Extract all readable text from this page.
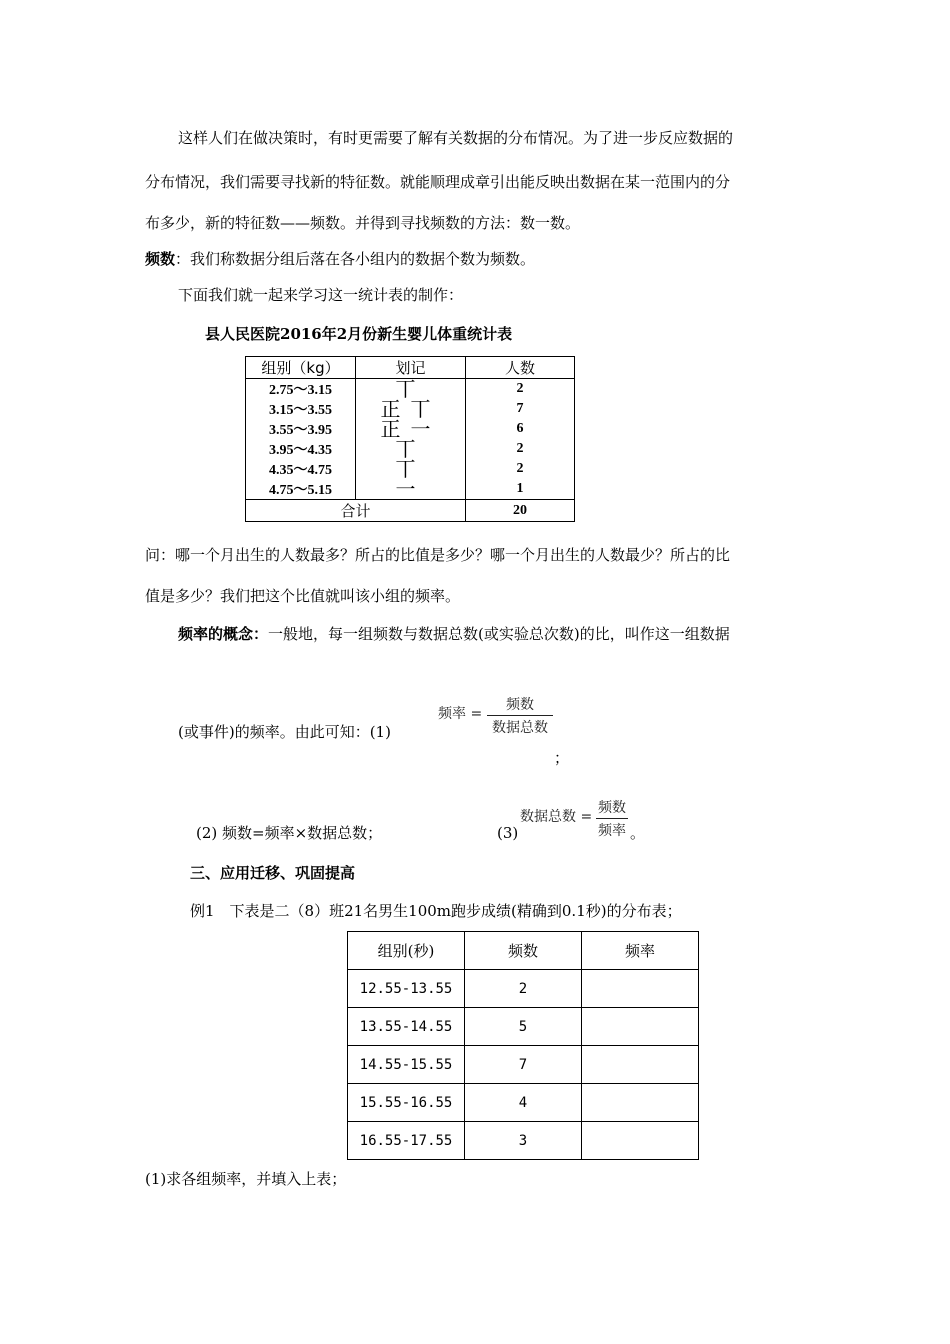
这样人们在做决策时，有时更需要了解有关数据的分布情况。为了进一步反应数据的
分布情况，我们需要寻找新的特征数。就能顺理成章引出能反映出数据在某一范围内的分
布多少，新的特征数——频数。并得到寻找频数的方法：数一数。
频数：我们称数据分组后落在各小组内的数据个数为频数。
下面我们就一起来学习这一统计表的制作：
县人民医院2016年2月份新生婴儿体重统计表
组别（kg）	划记	人数
2.75～3.15	丅	2
3.15～3.55	正丅	7
3.55～3.95	正一	6
3.95～4.35	丅	2
4.35～4.75	丅	2
4.75～5.15	一	1
合计		20
问：哪一个月出生的人数最多？所占的比值是多少？哪一个月出生的人数最少？所占的比
值是多少？我们把这个比值就叫该小组的频率。
频率的概念：一般地，每一组频数与数据总数(或实验总次数)的比，叫作这一组数据
(或事件)的频率。由此可知：(1)
频率 =
频数
数据总数
；
(2) 频数=频率×数据总数；	(3)
数据总数 =
频数
频率 。
三、应用迁移、巩固提高
例1　下表是二（8）班21名男生100m跑步成绩(精确到0.1秒)的分布表；
组别(秒)	频数	频率
12.55-13.55	2	
13.55-14.55	5	
14.55-15.55	7	
15.55-16.55	4	
16.55-17.55	3	
(1)求各组频率，并填入上表；
